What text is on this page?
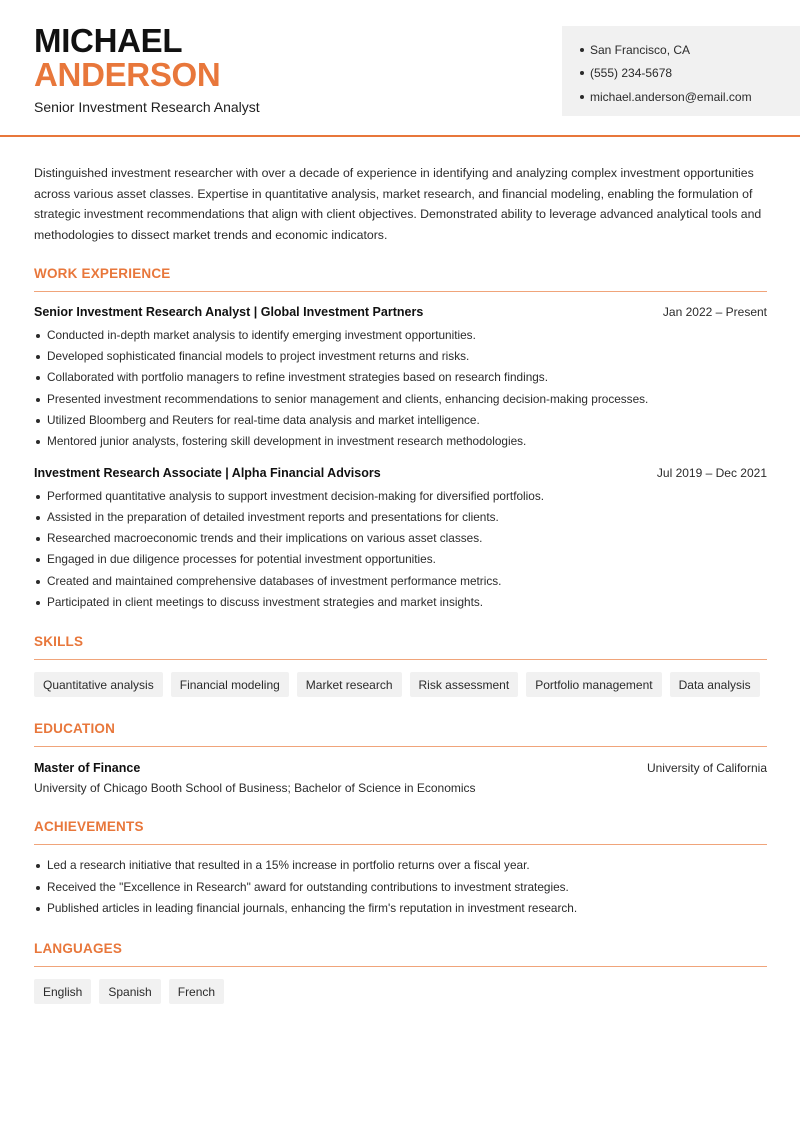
MICHAEL
ANDERSON
Senior Investment Research Analyst
San Francisco, CA
(555) 234-5678
michael.anderson@email.com

Distinguished investment researcher with over a decade of experience in identifying and analyzing complex investment opportunities across various asset classes. Expertise in quantitative analysis, market research, and financial modeling, enabling the formulation of strategic investment recommendations that align with client objectives. Demonstrated ability to leverage advanced analytical tools and methodologies to dissect market trends and economic indicators.

WORK EXPERIENCE
Senior Investment Research Analyst | Global Investment Partners	Jan 2022 – Present
Conducted in-depth market analysis to identify emerging investment opportunities.
Developed sophisticated financial models to project investment returns and risks.
Collaborated with portfolio managers to refine investment strategies based on research findings.
Presented investment recommendations to senior management and clients, enhancing decision-making processes.
Utilized Bloomberg and Reuters for real-time data analysis and market intelligence.
Mentored junior analysts, fostering skill development in investment research methodologies.
Investment Research Associate | Alpha Financial Advisors	Jul 2019 – Dec 2021
Performed quantitative analysis to support investment decision-making for diversified portfolios.
Assisted in the preparation of detailed investment reports and presentations for clients.
Researched macroeconomic trends and their implications on various asset classes.
Engaged in due diligence processes for potential investment opportunities.
Created and maintained comprehensive databases of investment performance metrics.
Participated in client meetings to discuss investment strategies and market insights.
SKILLS
Quantitative analysis	Financial modeling	Market research	Risk assessment	Portfolio management	Data analysis
EDUCATION
Master of Finance	University of California
University of Chicago Booth School of Business; Bachelor of Science in Economics
ACHIEVEMENTS
Led a research initiative that resulted in a 15% increase in portfolio returns over a fiscal year.
Received the "Excellence in Research" award for outstanding contributions to investment strategies.
Published articles in leading financial journals, enhancing the firm's reputation in investment research.
LANGUAGES
English	Spanish	French
